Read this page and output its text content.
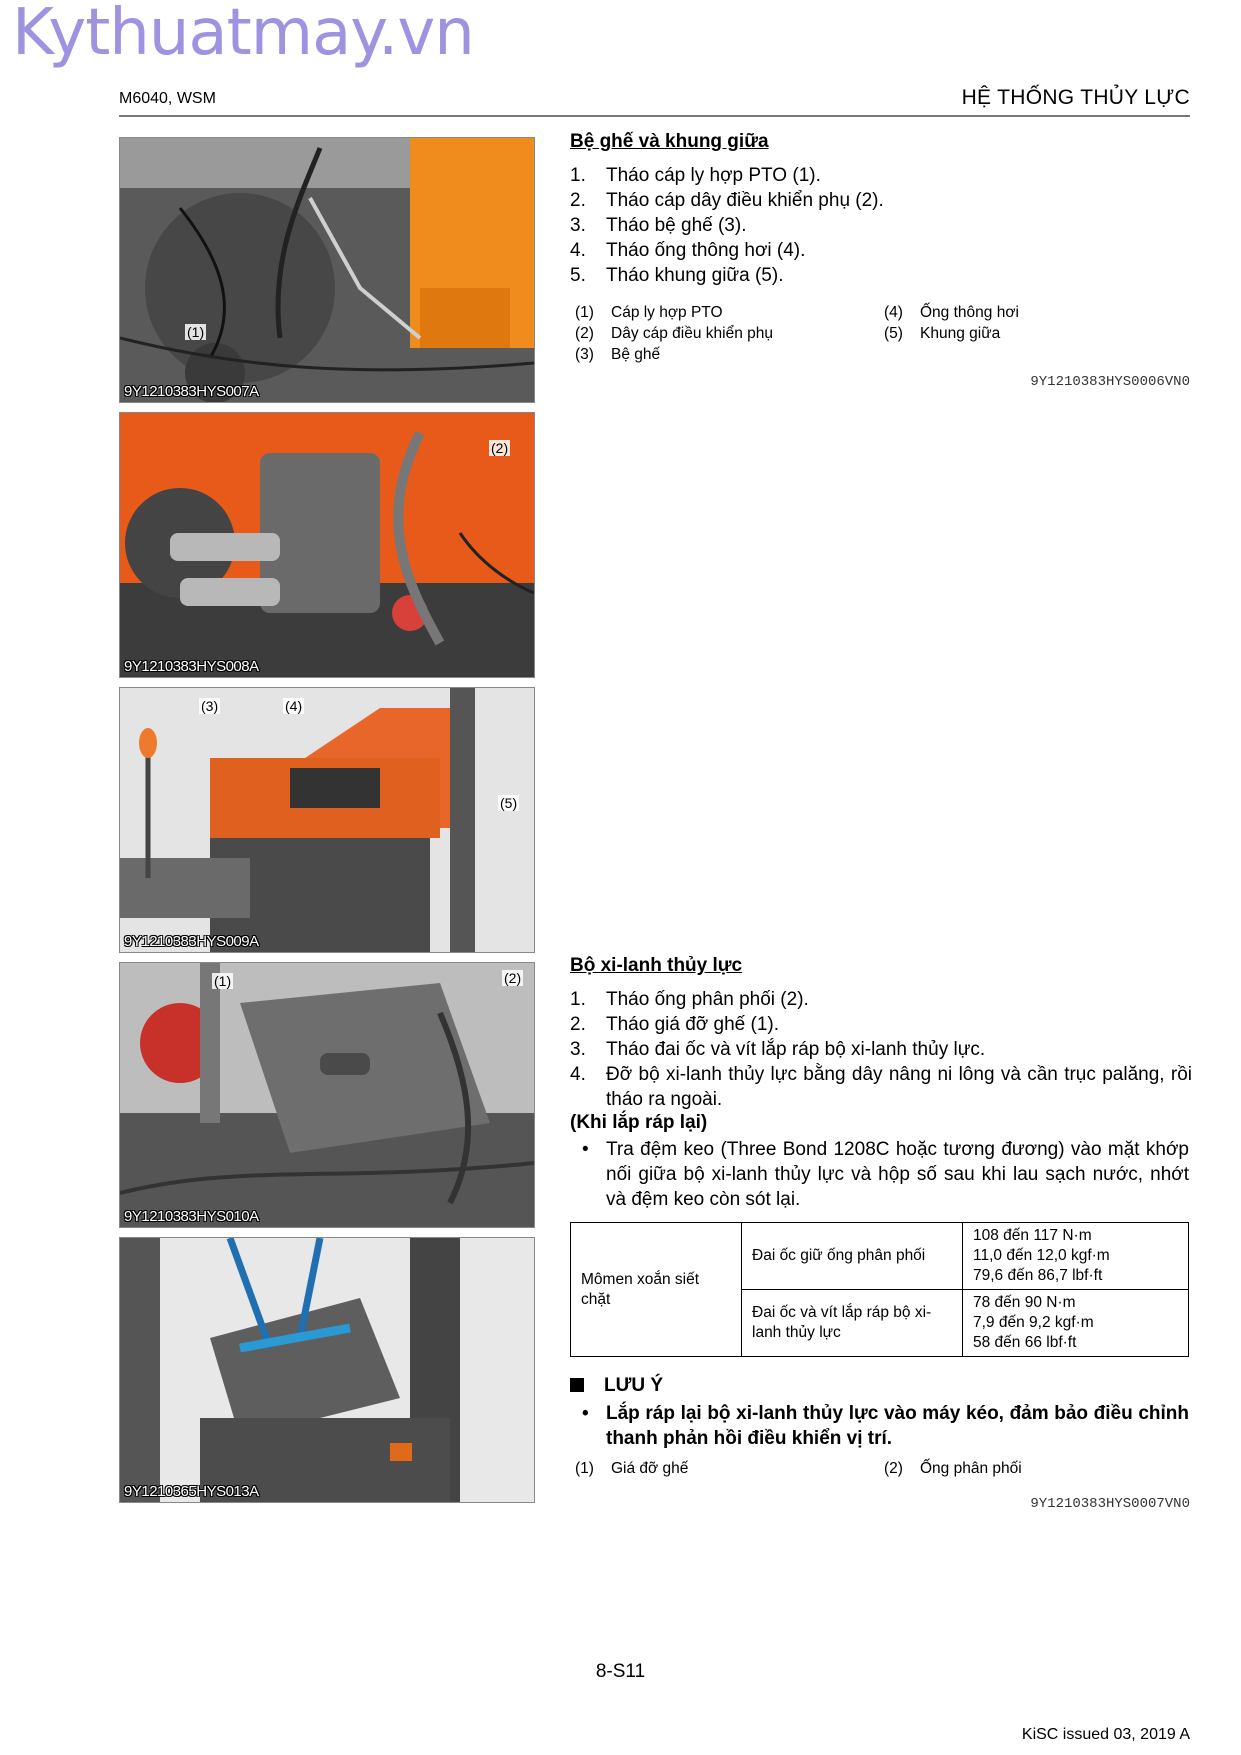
Kythuatmay.vn
M6040, WSM	HỆ THỐNG THỦY LỰC
(1)
9Y1210383HYS007A
(2)
9Y1210383HYS008A
(3)	(4)
(5)
9Y1210383HYS009A
(1)	(2)
9Y1210383HYS010A
9Y1210365HYS013A
Bệ ghế và khung giữa
1. Tháo cáp ly hợp PTO (1).
2. Tháo cáp dây điều khiển phụ (2).
3. Tháo bệ ghế (3).
4. Tháo ống thông hơi (4).
5. Tháo khung giữa (5).
(1) Cáp ly hợp PTO
(2) Dây cáp điều khiển phụ
(3) Bệ ghế
(4) Ống thông hơi
(5) Khung giữa
9Y1210383HYS0006VN0
Bộ xi-lanh thủy lực
1. Tháo ống phân phối (2).
2. Tháo giá đỡ ghế (1).
3. Tháo đai ốc và vít lắp ráp bộ xi-lanh thủy lực.
4. Đỡ bộ xi-lanh thủy lực bằng dây nâng ni lông và cần trục palăng, rồi tháo ra ngoài.
(Khi lắp ráp lại)
• Tra đệm keo (Three Bond 1208C hoặc tương đương) vào mặt khớp nối giữa bộ xi-lanh thủy lực và hộp số sau khi lau sạch nước, nhớt và đệm keo còn sót lại.
Mômen xoắn siết chặt	Đai ốc giữ ống phân phối	108 đến 117 N·m
11,0 đến 12,0 kgf·m
79,6 đến 86,7 lbf·ft

	Đai ốc và vít lắp ráp bộ xi-lanh thủy lực	78 đến 90 N·m
7,9 đến 9,2 kgf·m
58 đến 66 lbf·ft
LƯU Ý
• Lắp ráp lại bộ xi-lanh thủy lực vào máy kéo, đảm bảo điều chỉnh thanh phản hồi điều khiển vị trí.
(1) Giá đỡ ghế	(2) Ống phân phối
9Y1210383HYS0007VN0
8-S11
KiSC issued 03, 2019 A
